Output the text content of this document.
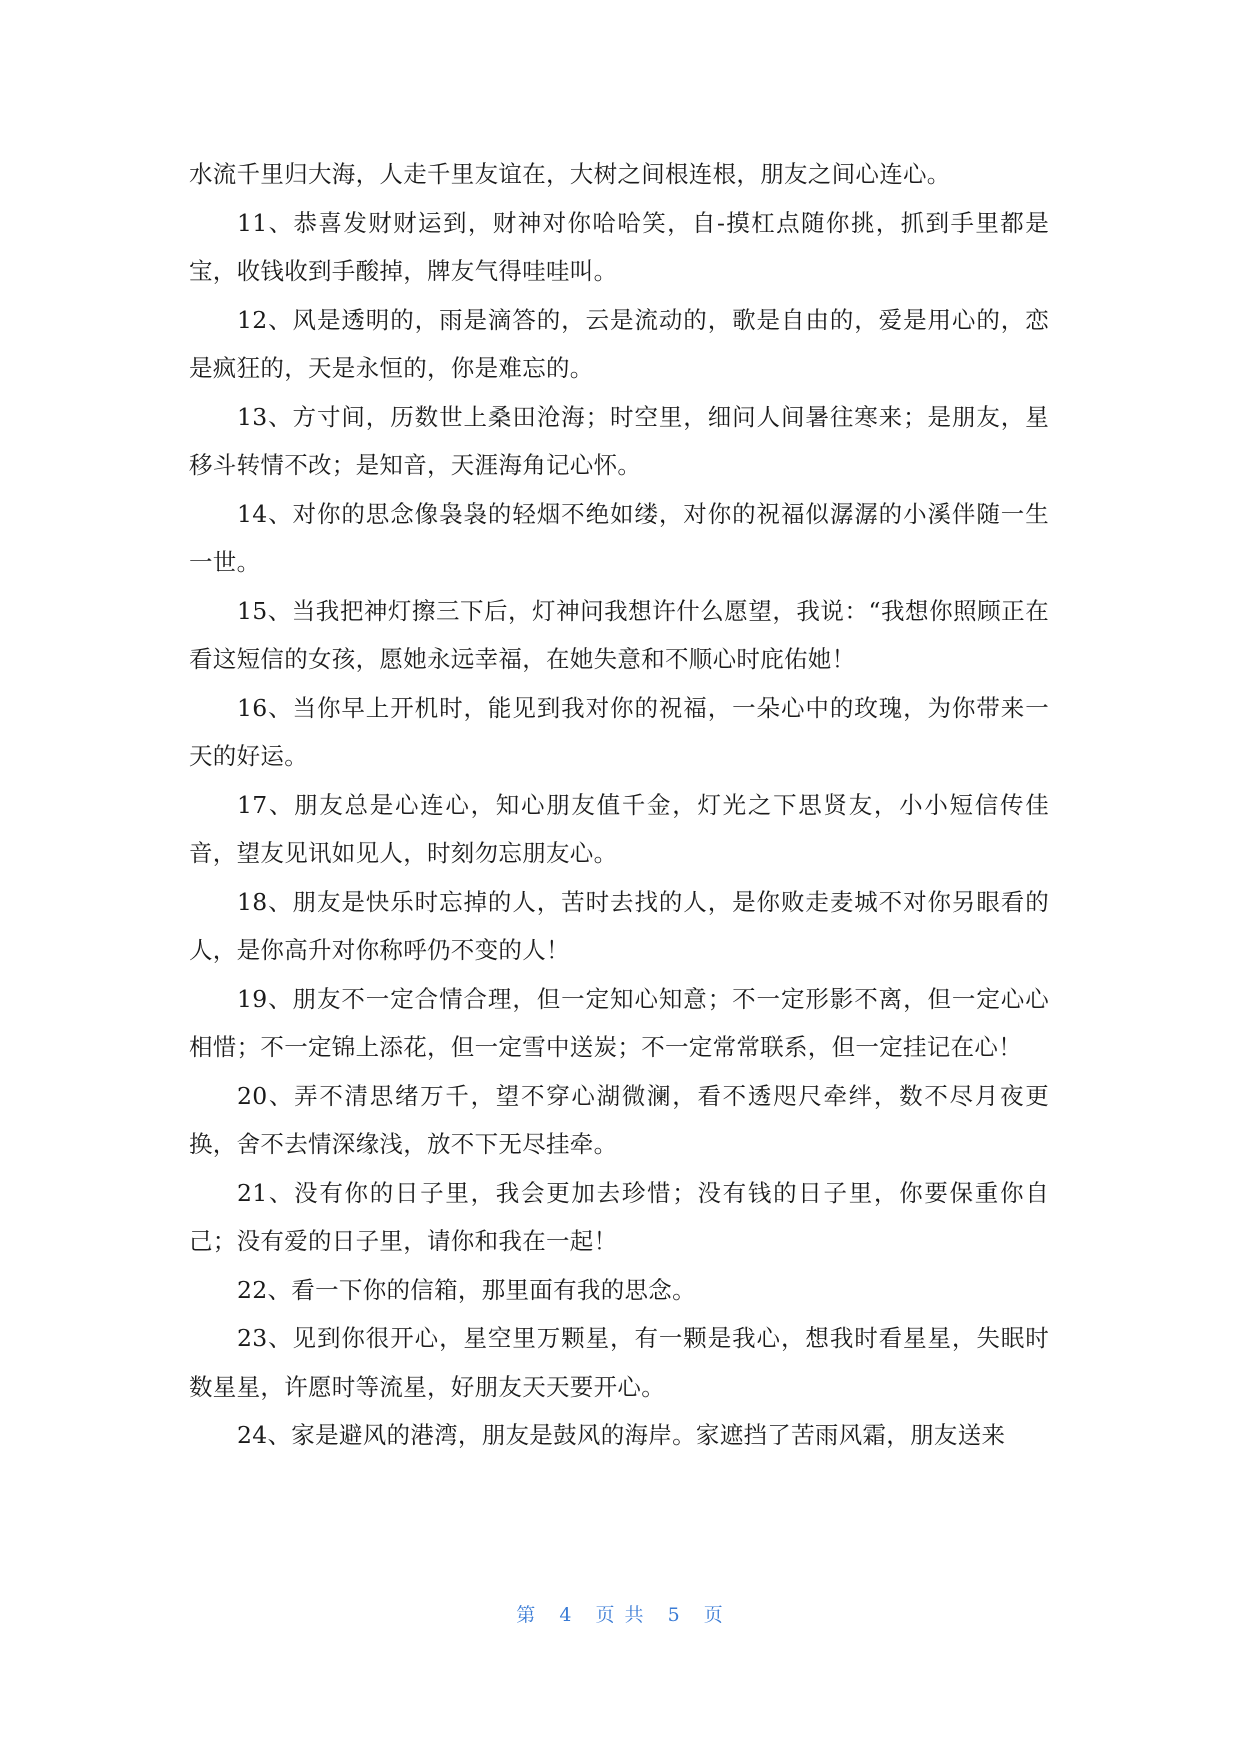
水流千里归大海，人走千里友谊在，大树之间根连根，朋友之间心连心。

11、恭喜发财财运到，财神对你哈哈笑，自-摸杠点随你挑，抓到手里都是宝，收钱收到手酸掉，牌友气得哇哇叫。

12、风是透明的，雨是滴答的，云是流动的，歌是自由的，爱是用心的，恋是疯狂的，天是永恒的，你是难忘的。

13、方寸间，历数世上桑田沧海；时空里，细问人间暑往寒来；是朋友，星移斗转情不改；是知音，天涯海角记心怀。

14、对你的思念像袅袅的轻烟不绝如缕，对你的祝福似潺潺的小溪伴随一生一世。

15、当我把神灯擦三下后，灯神问我想许什么愿望，我说：“我想你照顾正在看这短信的女孩，愿她永远幸福，在她失意和不顺心时庇佑她！

16、当你早上开机时，能见到我对你的祝福，一朵心中的玫瑰，为你带来一天的好运。

17、朋友总是心连心，知心朋友值千金，灯光之下思贤友，小小短信传佳音，望友见讯如见人，时刻勿忘朋友心。

18、朋友是快乐时忘掉的人，苦时去找的人，是你败走麦城不对你另眼看的人，是你高升对你称呼仍不变的人！

19、朋友不一定合情合理，但一定知心知意；不一定形影不离，但一定心心相惜；不一定锦上添花，但一定雪中送炭；不一定常常联系，但一定挂记在心！

20、弄不清思绪万千，望不穿心湖微澜，看不透咫尺牵绊，数不尽月夜更换，舍不去情深缘浅，放不下无尽挂牵。

21、没有你的日子里，我会更加去珍惜；没有钱的日子里，你要保重你自己；没有爱的日子里，请你和我在一起！

22、看一下你的信箱，那里面有我的思念。

23、见到你很开心，星空里万颗星，有一颗是我心，想我时看星星，失眠时数星星，许愿时等流星，好朋友天天要开心。

24、家是避风的港湾，朋友是鼓风的海岸。家遮挡了苦雨风霜，朋友送来

第 4 页 共 5 页
